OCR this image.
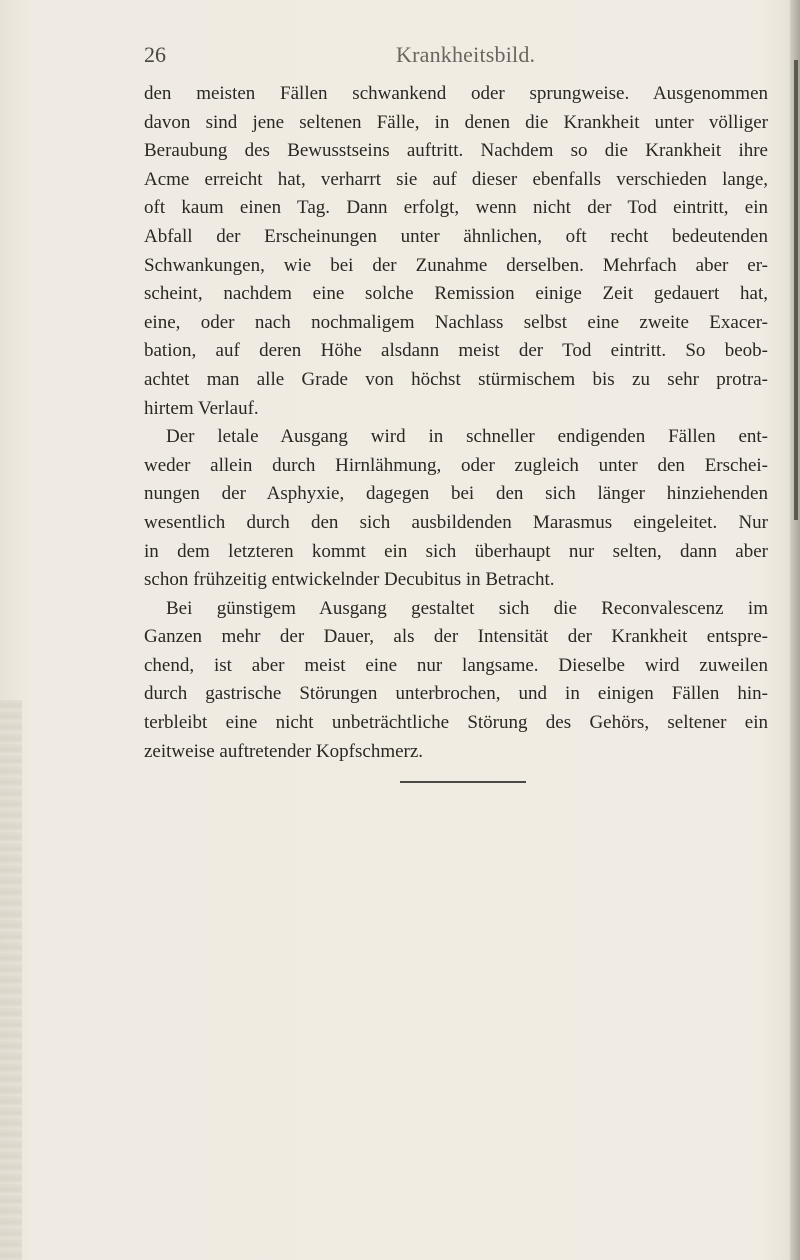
26	Krankheitsbild.
den meisten Fällen schwankend oder sprungweise. Ausgenommen
davon sind jene seltenen Fälle, in denen die Krankheit unter völliger
Beraubung des Bewusstseins auftritt. Nachdem so die Krankheit ihre
Acme erreicht hat, verharrt sie auf dieser ebenfalls verschieden lange,
oft kaum einen Tag. Dann erfolgt, wenn nicht der Tod eintritt, ein
Abfall der Erscheinungen unter ähnlichen, oft recht bedeutenden
Schwankungen, wie bei der Zunahme derselben. Mehrfach aber er-
scheint, nachdem eine solche Remission einige Zeit gedauert hat,
eine, oder nach nochmaligem Nachlass selbst eine zweite Exacer-
bation, auf deren Höhe alsdann meist der Tod eintritt. So beob-
achtet man alle Grade von höchst stürmischem bis zu sehr protra-
hirtem Verlauf.
Der letale Ausgang wird in schneller endigenden Fällen ent-
weder allein durch Hirnlähmung, oder zugleich unter den Erschei-
nungen der Asphyxie, dagegen bei den sich länger hinziehenden
wesentlich durch den sich ausbildenden Marasmus eingeleitet. Nur
in dem letzteren kommt ein sich überhaupt nur selten, dann aber
schon frühzeitig entwickelnder Decubitus in Betracht.
Bei günstigem Ausgang gestaltet sich die Reconvalescenz im
Ganzen mehr der Dauer, als der Intensität der Krankheit entspre-
chend, ist aber meist eine nur langsame. Dieselbe wird zuweilen
durch gastrische Störungen unterbrochen, und in einigen Fällen hin-
terbleibt eine nicht unbeträchtliche Störung des Gehörs, seltener ein
zeitweise auftretender Kopfschmerz.
